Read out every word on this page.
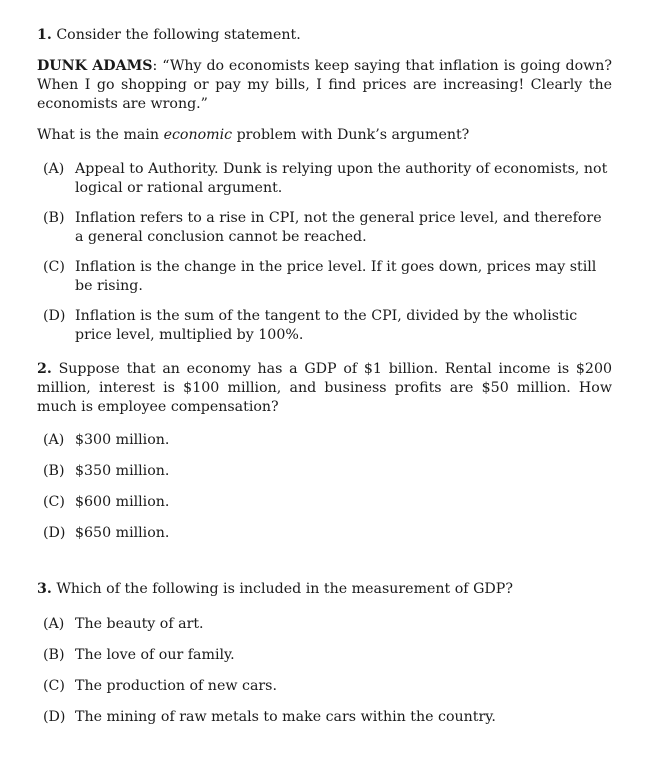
1. Consider the following statement.

DUNK ADAMS: “Why do economists keep saying that inflation is going down? When I go shopping or pay my bills, I find prices are increasing! Clearly the economists are wrong.”

What is the main economic problem with Dunk’s argument?

(A) Appeal to Authority. Dunk is relying upon the authority of economists, not logical or rational argument.
(B) Inflation refers to a rise in CPI, not the general price level, and therefore a general conclusion cannot be reached.
(C) Inflation is the change in the price level. If it goes down, prices may still be rising.
(D) Inflation is the sum of the tangent to the CPI, divided by the wholistic price level, multiplied by 100%.

2. Suppose that an economy has a GDP of $1 billion. Rental income is $200 million, interest is $100 million, and business profits are $50 million. How much is employee compensation?

(A) $300 million.
(B) $350 million.
(C) $600 million.
(D) $650 million.

3. Which of the following is included in the measurement of GDP?

(A) The beauty of art.
(B) The love of our family.
(C) The production of new cars.
(D) The mining of raw metals to make cars within the country.
